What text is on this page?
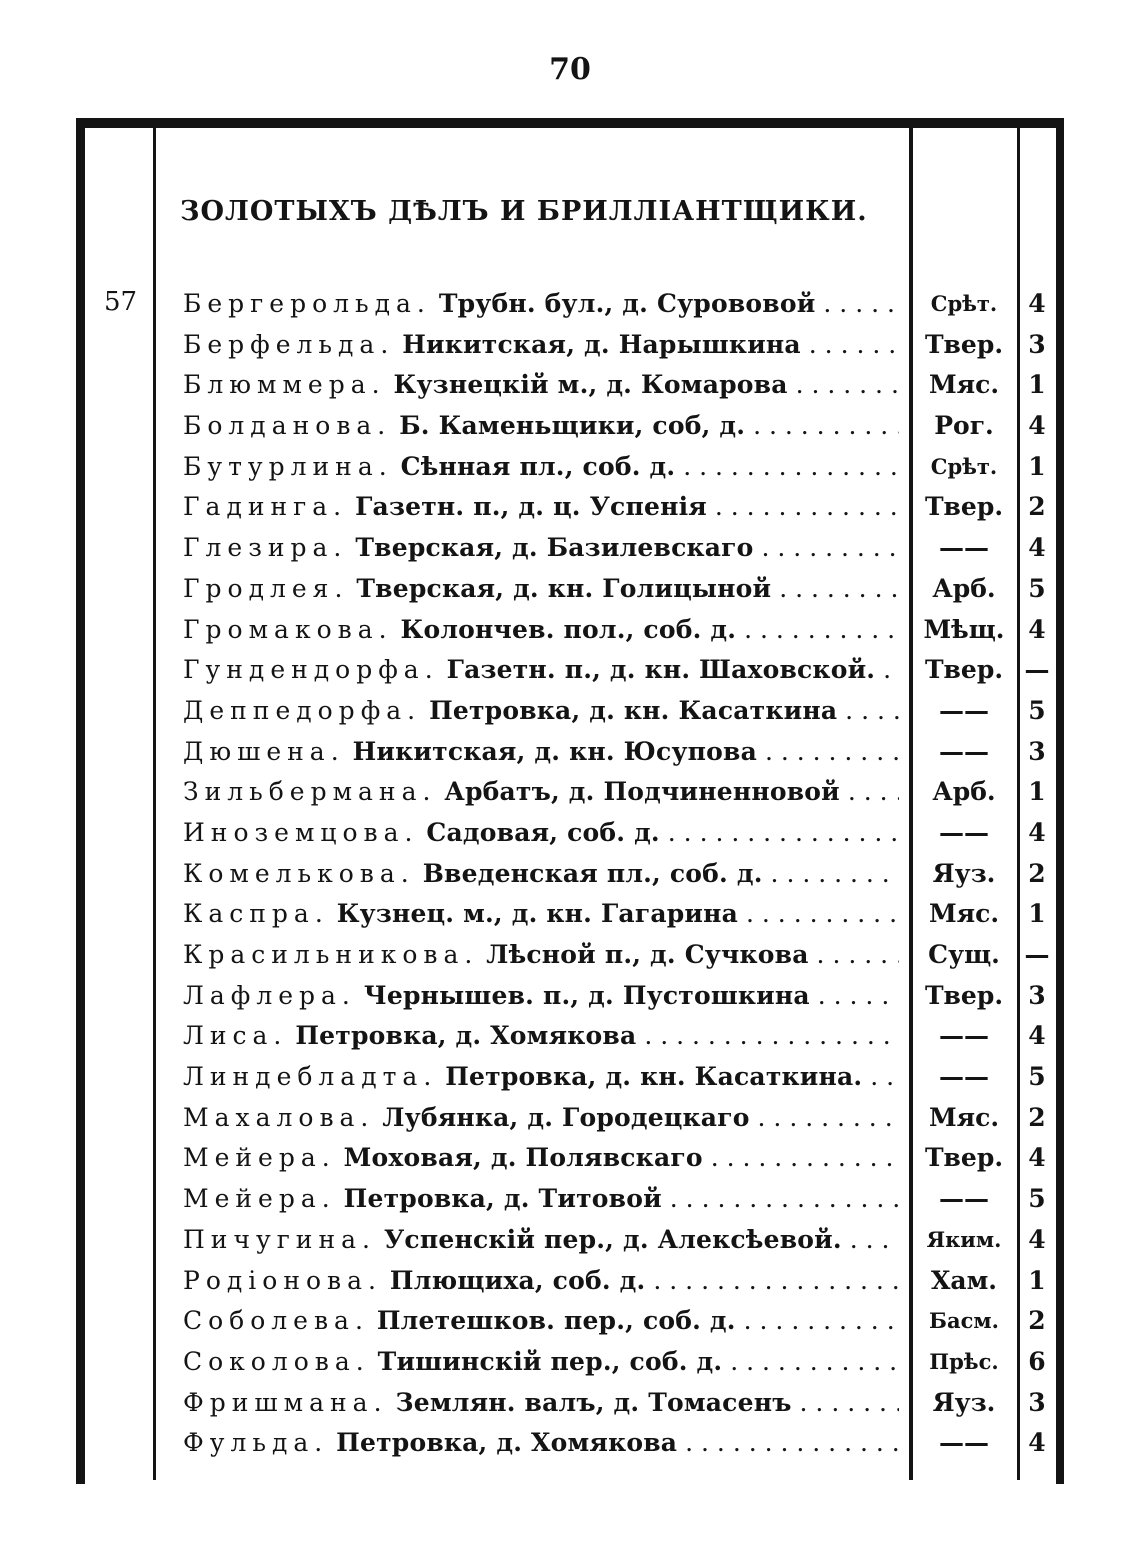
70
ЗОЛОТЫХЪ ДѢЛЪ И БРИЛЛІАНТЩИКИ.
57 Бергерольда. Трубн. бул., д. Сурововой . . .	Срѣт.	4
Берфельда. Никитская, д. Нарышкина . . .	Твер.	3
Блюммера. Кузнецкій м., д. Комарова . . .	Мяс.	1
Болданова. Б. Каменьщики, соб, д. . . .	Рог.	4
Бутурлина. Сѣнная пл., соб. д. . . .	Срѣт.	1
Гадинга. Газетн. п., д. ц. Успенія . . .	Твер.	2
Глезира. Тверская, д. Базилевскаго . . .	——	4
Гродлея. Тверская, д. кн. Голицыной . . .	Арб.	5
Громакова. Колончев. пол., соб. д. . . .	Мѣщ. 4
Гундендорфа. Газетн. п., д. кн. Шаховской. . . .	Твер. —
Деппедорфа. Петровка, д. кн. Касаткина . . .	——	5
Дюшена. Никитская, д. кн. Юсупова . . .	——	3
Зильбермана. Арбатъ, д. Подчиненновой . . .	Арб.	1
Иноземцова. Садовая, соб. д. . . .	——	4
Комелькова. Введенская пл., соб. д. . . .	Яуз.	2
Каспра. Кузнец. м., д. кн. Гагарина . . .	Мяс.	1
Красильникова. Лѣсной п., д. Сучкова . . .	Сущ. —
Лафлера. Чернышев. п., д. Пустошкина . . .	Твер.	3
Лиса. Петровка, д. Хомякова . . .	——	4
Линдебладта. Петровка, д. кн. Касаткина. . . .	——	5
Махалова. Лубянка, д. Городецкаго . . .	Мяс.	2
Мейера. Моховая, д. Полявскаго . . .	Твер.	4
Мейера. Петровка, д. Титовой . . .	——	5
Пичугина. Успенскій пер., д. Алексѣевой. . . .	Яким.	4
Родіонова. Плющиха, соб. д. . . .	Хам.	1
Соболева. Плетешков. пер., соб. д. . . .	Басм.	2
Соколова. Тишинскій пер., соб. д. . . .	Прѣс.	6
Фришмана. Землян. валъ, д. Томасенъ . . .	Яуз.	3
Фульда. Петровка, д. Хомякова . . .	——	4
